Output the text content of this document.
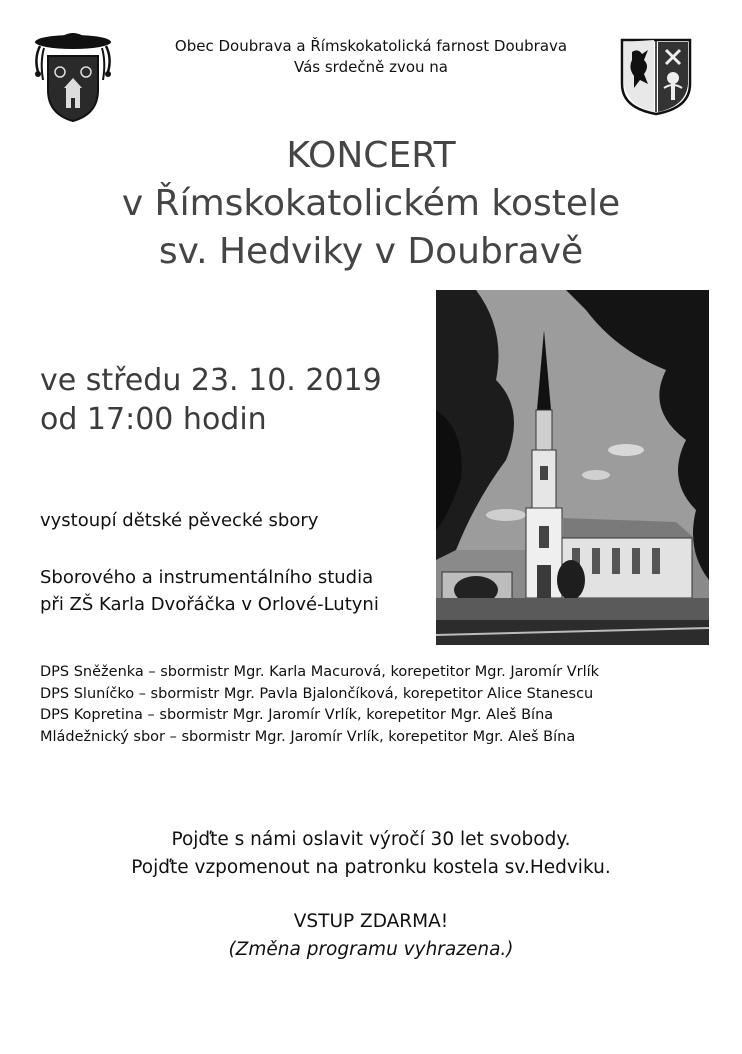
Obec Doubrava a Římskokatolická farnost Doubrava
Vás srdečně zvou na
KONCERT
v Římskokatolickém kostele
sv. Hedviky v Doubravě
ve středu 23. 10. 2019
od 17:00 hodin
vystoupí dětské pěvecké sbory
Sborového a instrumentálního studia
při ZŠ Karla Dvořáčka v Orlové-Lutyni
DPS Sněženka – sbormistr Mgr. Karla Macurová, korepetitor Mgr. Jaromír Vrlík
DPS Sluníčko – sbormistr Mgr. Pavla Bjalončíková, korepetitor Alice Stanescu
DPS Kopretina – sbormistr Mgr. Jaromír Vrlík, korepetitor Mgr. Aleš Bína
Mládežnický sbor – sbormistr Mgr. Jaromír Vrlík, korepetitor Mgr. Aleš Bína
Pojďte s námi oslavit výročí 30 let svobody.
Pojďte vzpomenout na patronku kostela sv.Hedviku.
VSTUP ZDARMA!
(Změna programu vyhrazena.)
